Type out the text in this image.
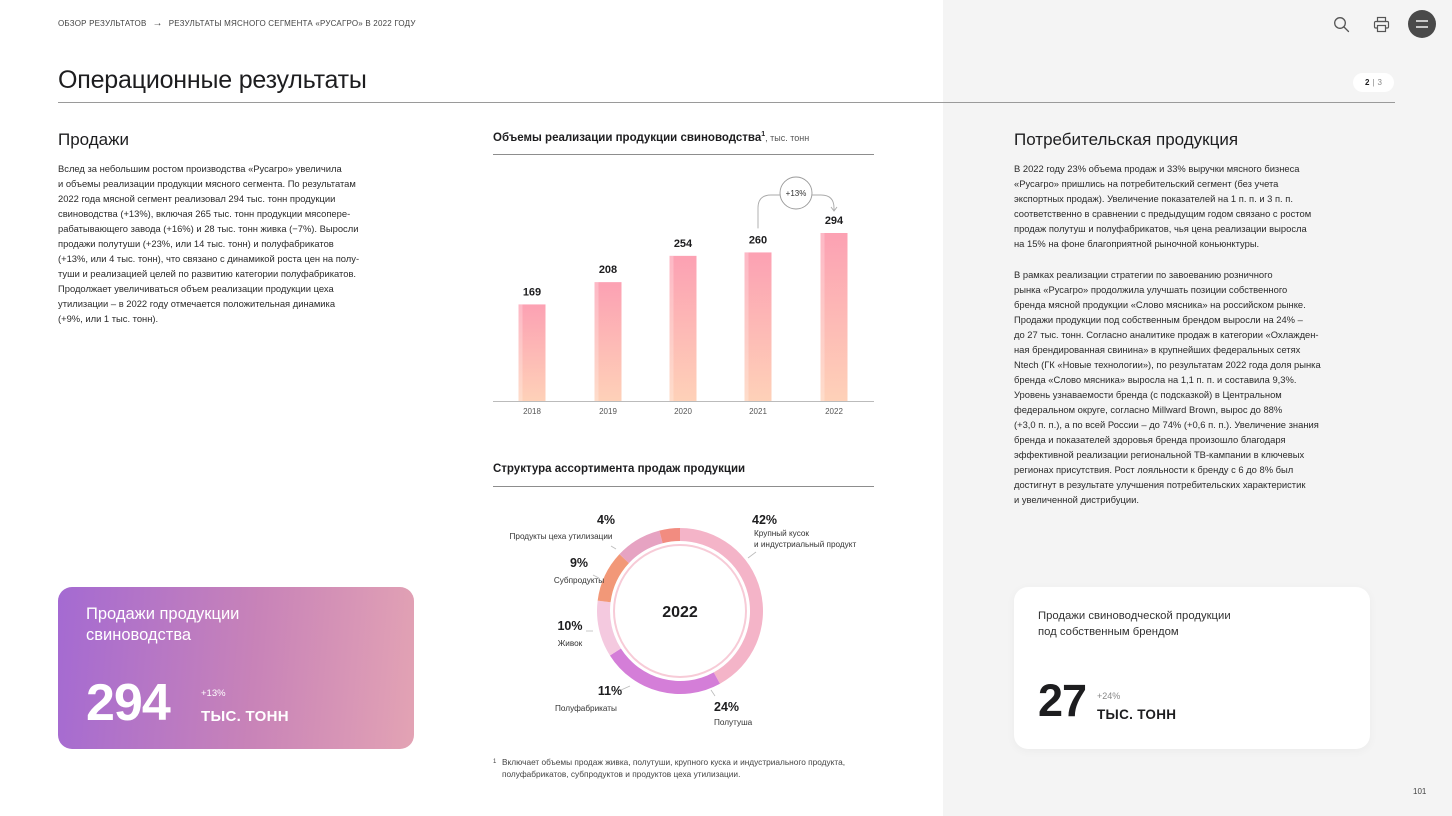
ОБЗОР РЕЗУЛЬТАТОВ → РЕЗУЛЬТАТЫ МЯСНОГО СЕГМЕНТА «РУСАГРО» В 2022 ГОДУ
Операционные результаты	2 | 3
Продажи
Вслед за небольшим ростом производства «Русагро» увеличила
и объемы реализации продукции мясного сегмента. По результатам
2022 года мясной сегмент реализовал 294 тыс. тонн продукции
свиноводства (+13%), включая 265 тыс. тонн продукции мясопере-
рабатывающего завода (+16%) и 28 тыс. тонн живка (−7%). Выросли
продажи полутуши (+23%, или 14 тыс. тонн) и полуфабрикатов
(+13%, или 4 тыс. тонн), что связано с динамикой роста цен на полу-
туши и реализацией целей по развитию категории полуфабрикатов.
Продолжает увеличиваться объем реализации продукции цеха
утилизации – в 2022 году отмечается положительная динамика
(+9%, или 1 тыс. тонн).
Потребительская продукция
В 2022 году 23% объема продаж и 33% выручки мясного бизнеса
«Русагро» пришлись на потребительский сегмент (без учета
экспортных продаж). Увеличение показателей на 1 п. п. и 3 п. п.
соответственно в сравнении с предыдущим годом связано с ростом
продаж полутуш и полуфабрикатов, чья цена реализации выросла
на 15% на фоне благоприятной рыночной коньюнктуры.
В рамках реализации стратегии по завоеванию розничного
рынка «Русагро» продолжила улучшать позиции собственного
бренда мясной продукции «Слово мясника» на российском рынке.
Продажи продукции под собственным брендом выросли на 24% –
до 27 тыс. тонн. Согласно аналитике продаж в категории «Охлажден-
ная брендированная свинина» в крупнейших федеральных сетях
Ntech (ГК «Новые технологии»), по результатам 2022 года доля рынка
бренда «Слово мясника» выросла на 1,1 п. п. и составила 9,3%.
Уровень узнаваемости бренда (с подсказкой) в Центральном
федеральном округе, согласно Millward Brown, вырос до 88%
(+3,0 п. п.), а по всей России – до 74% (+0,6 п. п.). Увеличение знания
бренда и показателей здоровья бренда произошло благодаря
эффективной реализации региональной ТВ-кампании в ключевых
регионах присутствия. Рост лояльности к бренду с 6 до 8% был
достигнут в результате улучшения потребительских характеристик
и увеличенной дистрибуции.
Объемы реализации продукции свиноводства$^1$, тыс. тонн
169
2018
208
2019
254
2020
260
2021
294
2022
+13%
Структура ассортимента продаж продукции
2022
42%
Крупный кусок
и индустриальный продукт
24%
Полутуша
11%
Полуфабрикаты
10%
Живок
9%
Субпродукты
4%
Продукты цеха утилизации
Продажи продукции свиноводства
294	+13%
ТЫС. ТОНН
Продажи свиноводческой продукции
под собственным брендом
27 +24%
ТЫС. ТОНН
1 Включает объемы продаж живка, полутуши, крупного куска и индустриального продукта,
полуфабрикатов, субпродуктов и продуктов цеха утилизации.
101
